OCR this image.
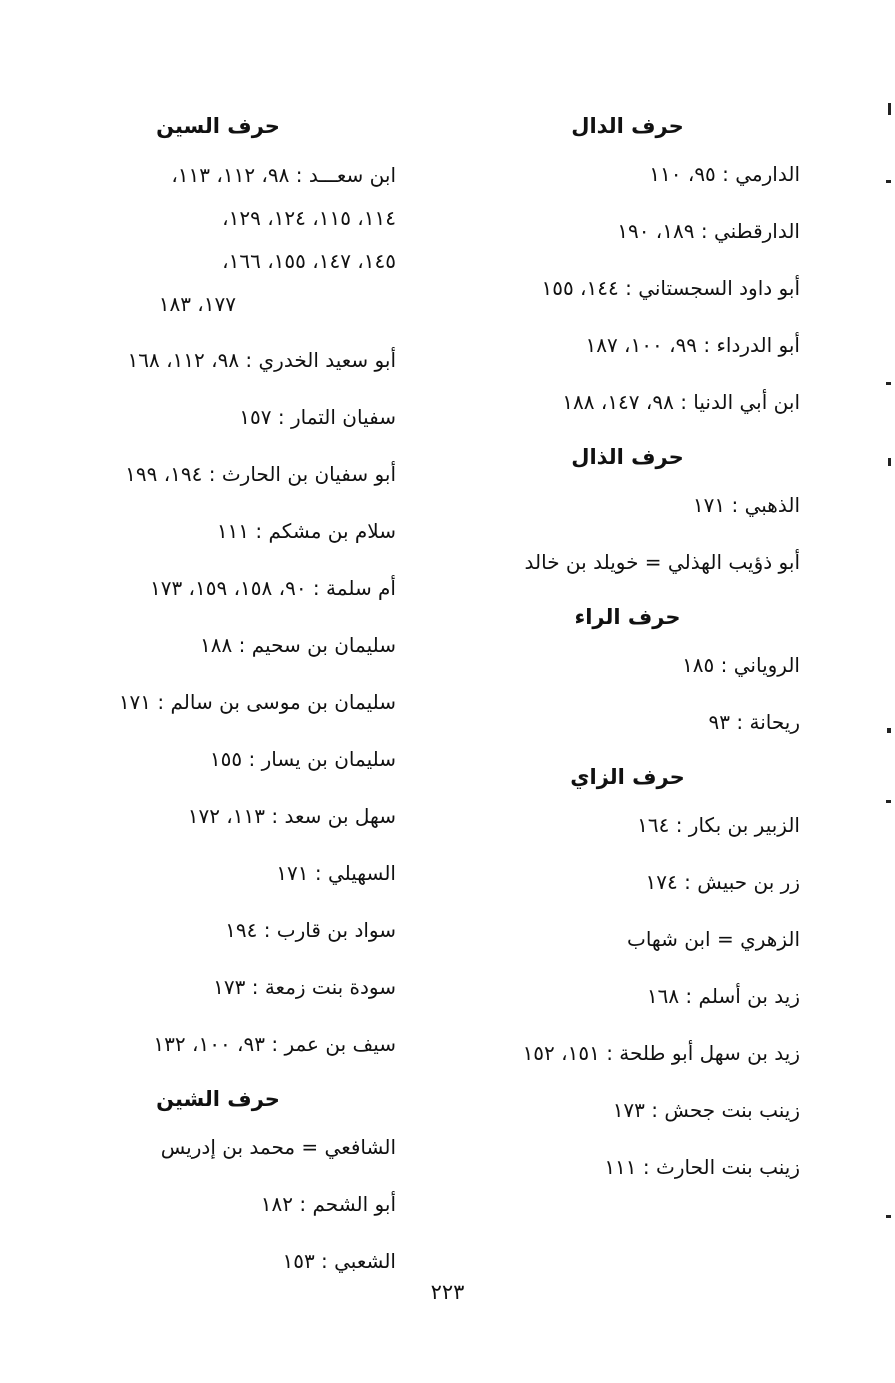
حرف الدال
الدارمي : ٩٥، ١١٠
الدارقطني : ١٨٩، ١٩٠
أبو داود السجستاني : ١٤٤، ١٥٥
أبو الدرداء : ٩٩، ١٠٠، ١٨٧
ابن أبي الدنيا : ٩٨، ١٤٧، ١٨٨
حرف الذال
الذهبي : ١٧١
أبو ذؤيب الهذلي = خويلد بن خالد
حرف الراء
الروياني : ١٨٥
ريحانة : ٩٣
حرف الزاي
الزبير بن بكار : ١٦٤
زر بن حبيش : ١٧٤
الزهري = ابن شهاب
زيد بن أسلم : ١٦٨
زيد بن سهل أبو طلحة : ١٥١، ١٥٢
زينب بنت جحش : ١٧٣
زينب بنت الحارث : ١١١
حرف السين
ابن سعـــد : ٩٨، ١١٢، ١١٣،
١١٤، ١١٥، ١٢٤، ١٢٩،
١٤٥، ١٤٧، ١٥٥، ١٦٦،
١٧٧، ١٨٣
أبو سعيد الخدري : ٩٨، ١١٢، ١٦٨
سفيان التمار : ١٥٧
أبو سفيان بن الحارث : ١٩٤، ١٩٩
سلام بن مشكم : ١١١
أم سلمة : ٩٠، ١٥٨، ١٥٩، ١٧٣
سليمان بن سحيم : ١٨٨
سليمان بن موسى بن سالم : ١٧١
سليمان بن يسار : ١٥٥
سهل بن سعد : ١١٣، ١٧٢
السهيلي : ١٧١
سواد بن قارب : ١٩٤
سودة بنت زمعة : ١٧٣
سيف بن عمر : ٩٣، ١٠٠، ١٣٢
حرف الشين
الشافعي = محمد بن إدريس
أبو الشحم : ١٨٢
الشعبي : ١٥٣
٢٢٣
